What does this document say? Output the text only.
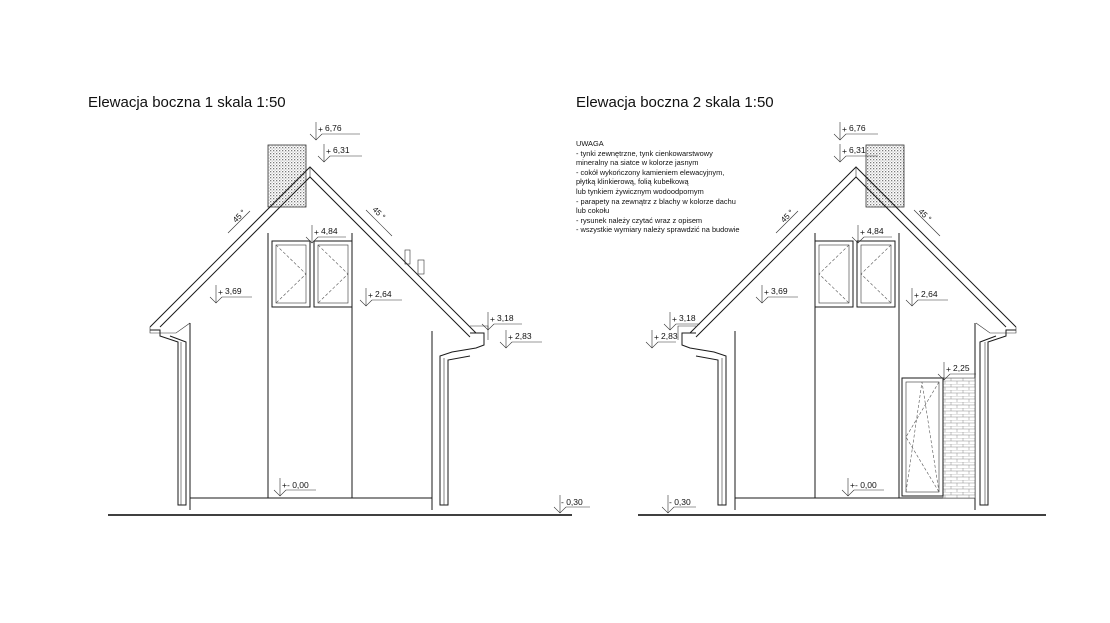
Elewacja boczna 1 skala 1:50
45 °	45 °
+ 6,76
+ 6,31
+ 4,84
+ 3,69	+ 2,64
+ 3,18
+ 2,83
+ - 0,00
- 0,30
Elewacja boczna 2 skala 1:50
UWAGA
- tynki zewnętrzne, tynk cienkowarstwowy
mineralny na siatce w kolorze jasnym
- cokół wykończony kamieniem elewacyjnym,
płytką klinkierową, folią kubełkową
lub tynkiem żywicznym wodoodpornym
- parapety na zewnątrz z blachy w kolorze dachu
lub cokołu
- rysunek należy czytać wraz z opisem
- wszystkie wymiary należy sprawdzić na budowie
45 °	45 °
+ 6,76
+ 6,31
+ 4,84
+ 3,69	+ 2,64
+ 3,18
+ 2,83
+ 2,25
+ - 0,00
- 0,30
